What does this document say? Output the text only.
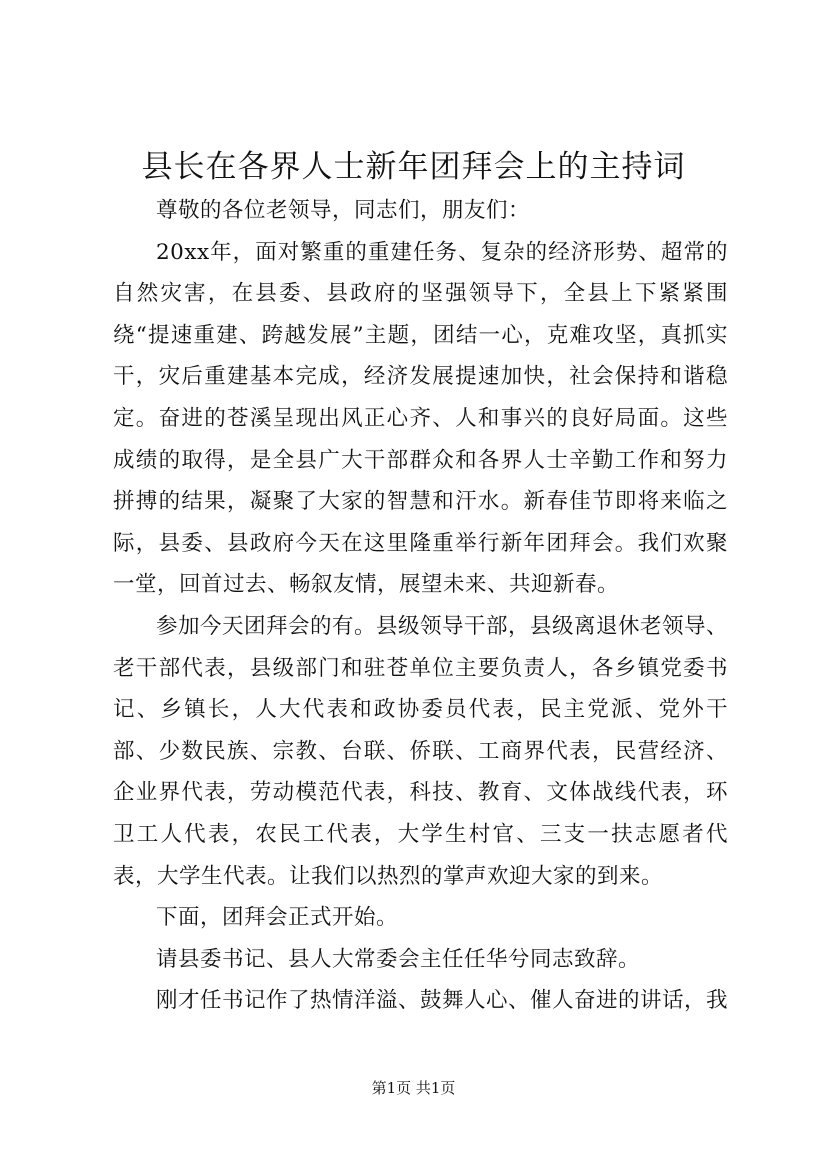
县长在各界人士新年团拜会上的主持词

尊敬的各位老领导，同志们，朋友们：

20xx年，面对繁重的重建任务、复杂的经济形势、超常的自然灾害，在县委、县政府的坚强领导下，全县上下紧紧围绕“提速重建、跨越发展”主题，团结一心，克难攻坚，真抓实干，灾后重建基本完成，经济发展提速加快，社会保持和谐稳定。奋进的苍溪呈现出风正心齐、人和事兴的良好局面。这些成绩的取得，是全县广大干部群众和各界人士辛勤工作和努力拼搏的结果，凝聚了大家的智慧和汗水。新春佳节即将来临之际，县委、县政府今天在这里隆重举行新年团拜会。我们欢聚一堂，回首过去、畅叙友情，展望未来、共迎新春。

参加今天团拜会的有。县级领导干部，县级离退休老领导、老干部代表，县级部门和驻苍单位主要负责人，各乡镇党委书记、乡镇长，人大代表和政协委员代表，民主党派、党外干部、少数民族、宗教、台联、侨联、工商界代表，民营经济、企业界代表，劳动模范代表，科技、教育、文体战线代表，环卫工人代表，农民工代表，大学生村官、三支一扶志愿者代表，大学生代表。让我们以热烈的掌声欢迎大家的到来。

下面，团拜会正式开始。

请县委书记、县人大常委会主任任华兮同志致辞。

刚才任书记作了热情洋溢、鼓舞人心、催人奋进的讲话，我

第1页 共1页
